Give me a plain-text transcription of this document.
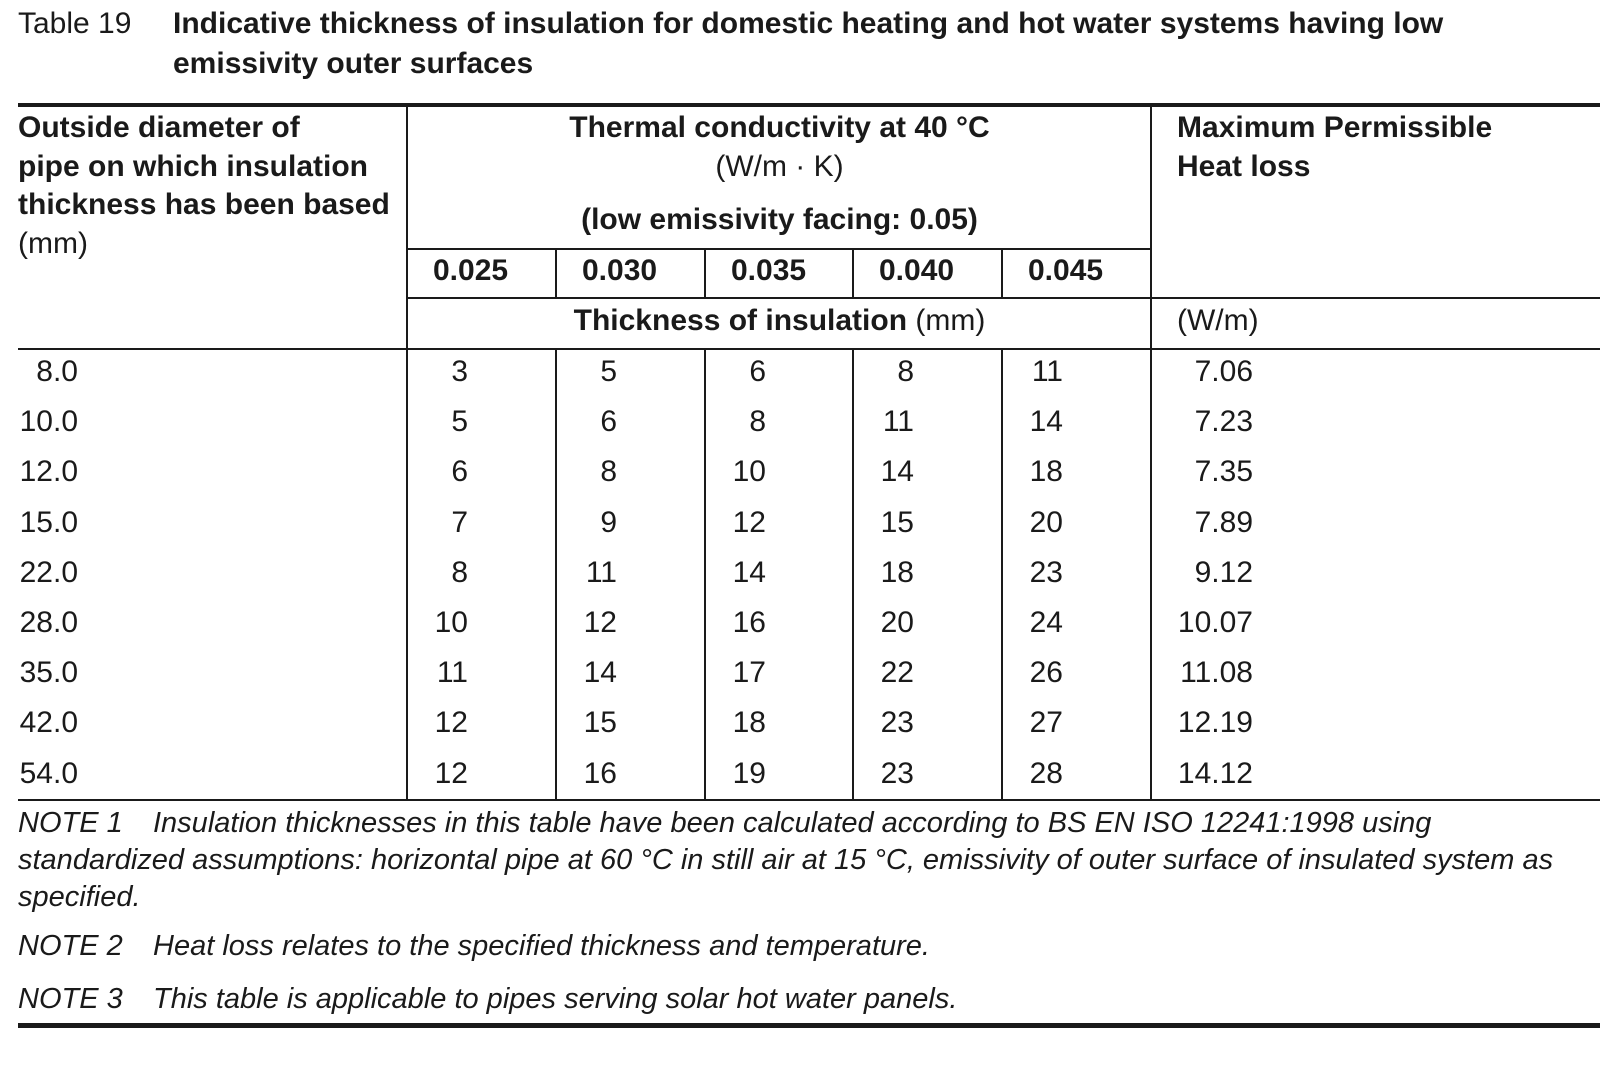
Table 19 Indicative thickness of insulation for domestic heating and hot water systems having low emissivity outer surfaces
Outside diameter of
pipe on which insulation
thickness has been based
(mm)
Thermal conductivity at 40 °C
(W/m · K)
(low emissivity facing: 0.05)
0.025 0.030 0.035 0.040 0.045
Maximum Permissible
Heat loss
Thickness of insulation (mm)	(W/m)
8.0	3	5	6	8	11	7.06
10.0	5	6	8	11	14	7.23
12.0	6	8	10	14	18	7.35
15.0	7	9	12	15	20	7.89
22.0	8	11	14	18	23	9.12
28.0	10	12	16	20	24	10.07
35.0	11	14	17	22	26	11.08
42.0	12	15	18	23	27	12.19
54.0	12	16	19	23	28	14.12
NOTE 1 Insulation thicknesses in this table have been calculated according to BS EN ISO 12241:1998 using standardized assumptions: horizontal pipe at 60 °C in still air at 15 °C, emissivity of outer surface of insulated system as specified.
NOTE 2 Heat loss relates to the specified thickness and temperature.
NOTE 3 This table is applicable to pipes serving solar hot water panels.
